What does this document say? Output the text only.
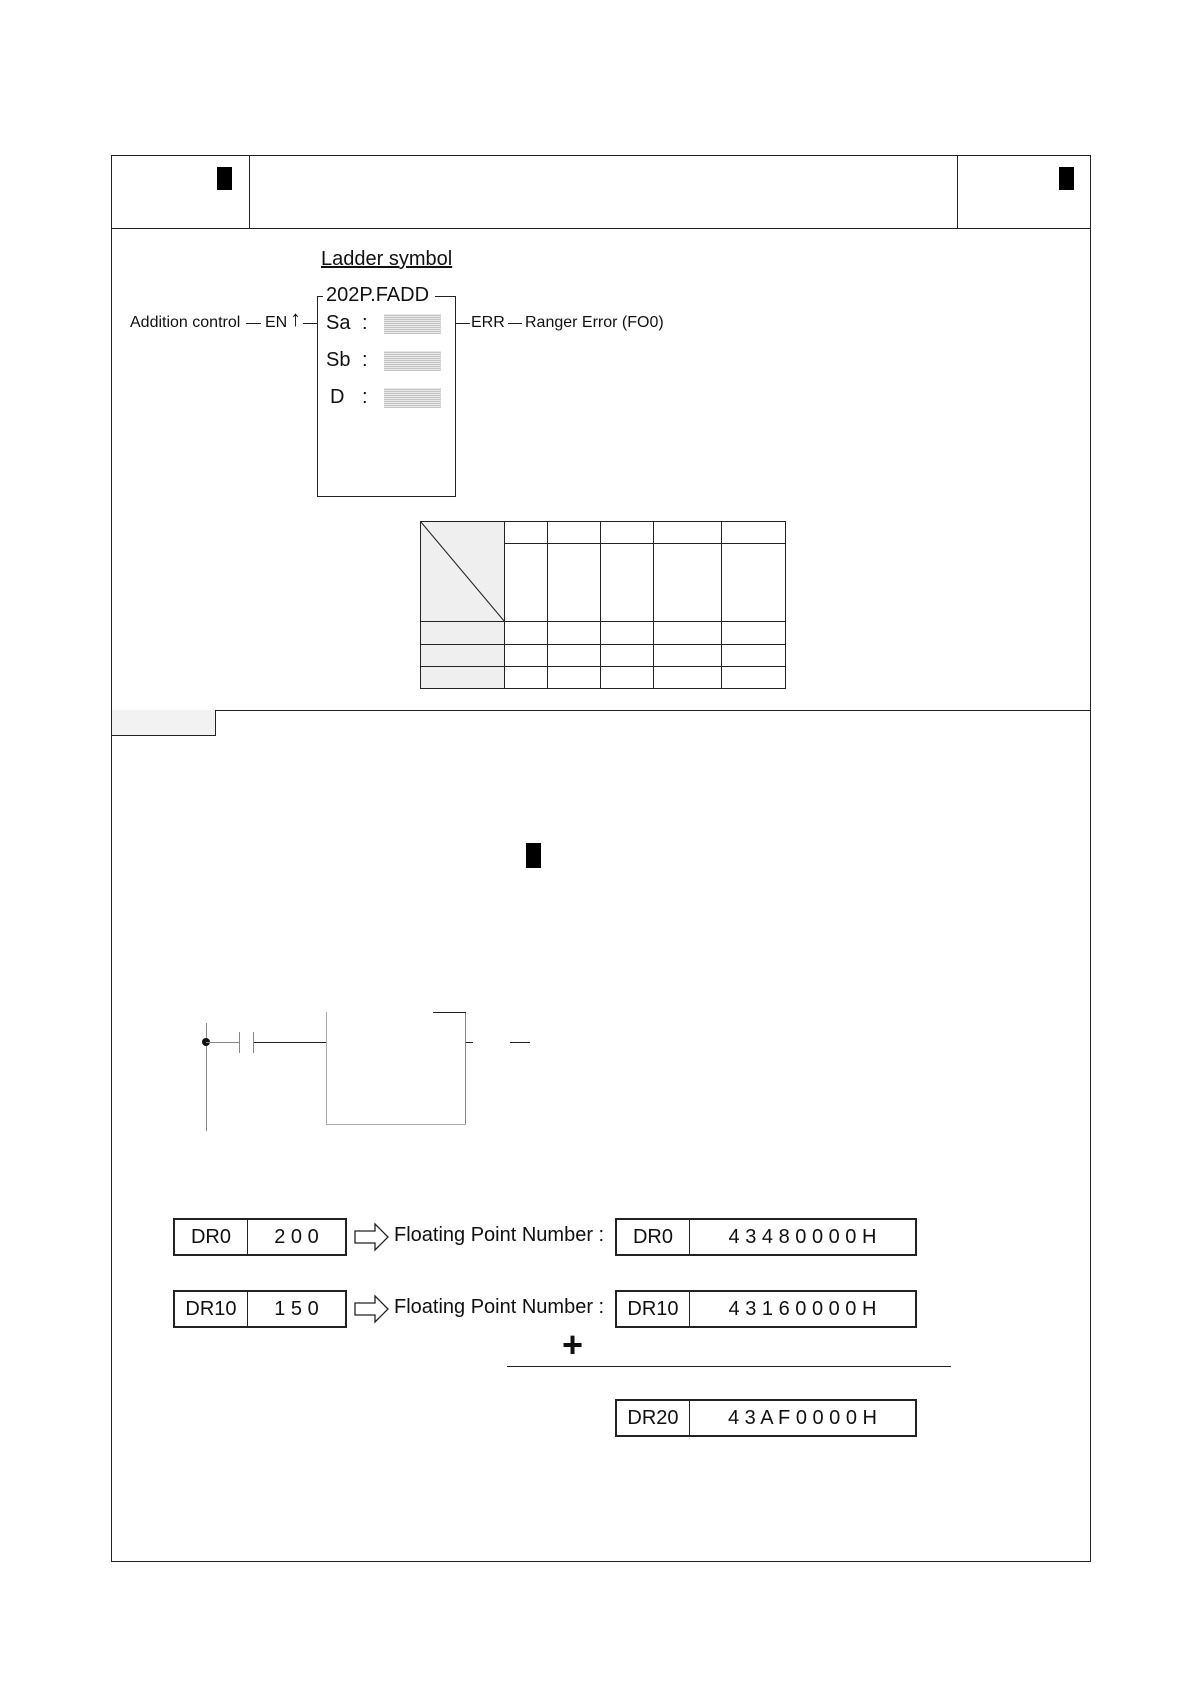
Ladder symbol
202P.FADD
Addition control EN ↑ Sa :
Sb :
D :
ERR Ranger Error (FO0)
DR0	2 0 0	Floating Point Number :	DR0	4 3 4 8 0 0 0 0 H
DR10	1 5 0	Floating Point Number :	DR10	4 3 1 6 0 0 0 0 H
+
DR20	4 3 A F 0 0 0 0 H
